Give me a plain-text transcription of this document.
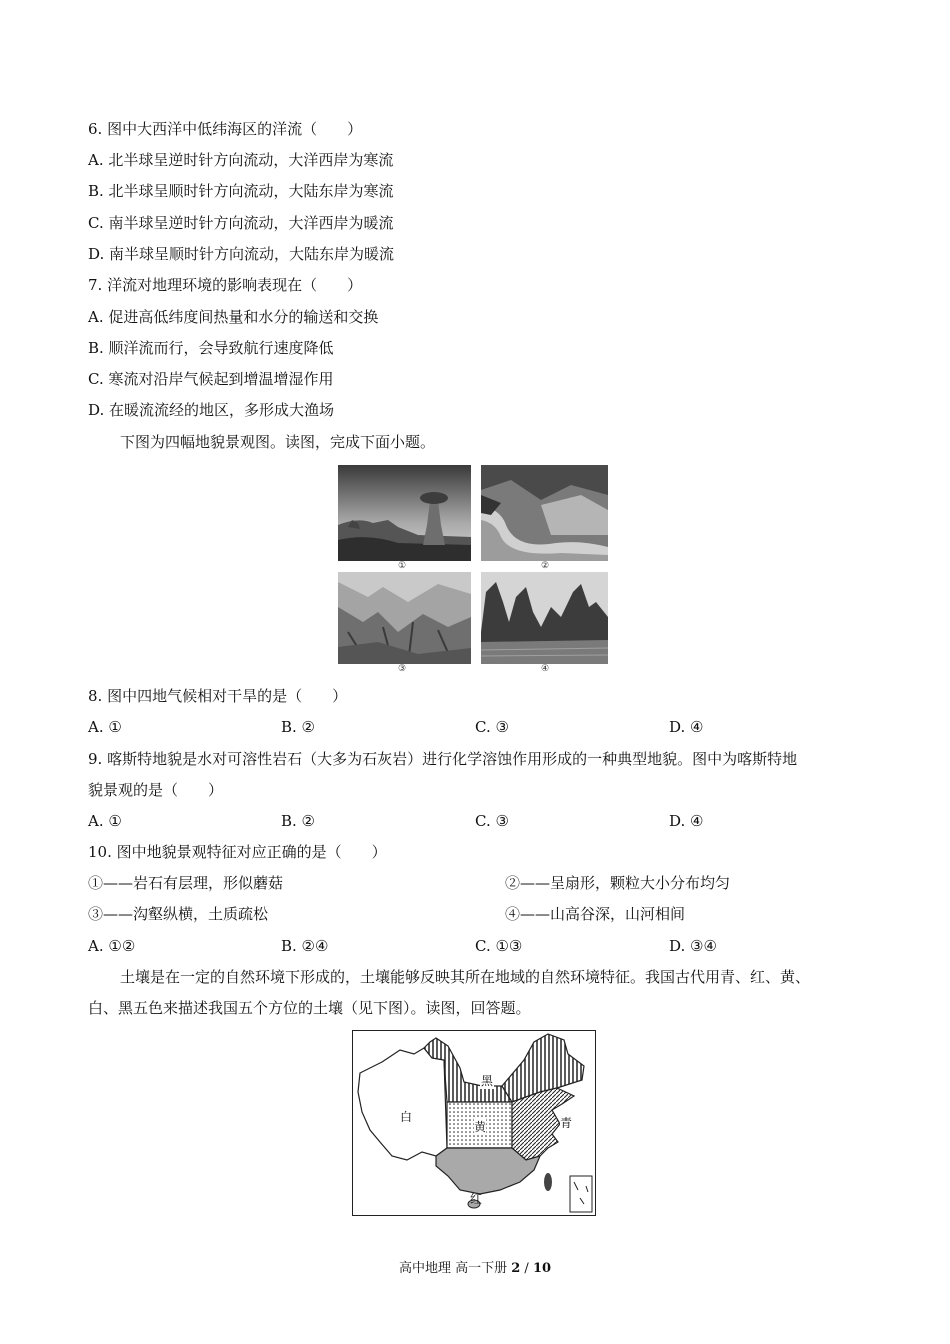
6. 图中大西洋中低纬海区的洋流（　　）
A. 北半球呈逆时针方向流动，大洋西岸为寒流
B. 北半球呈顺时针方向流动，大陆东岸为寒流
C. 南半球呈逆时针方向流动，大洋西岸为暖流
D. 南半球呈顺时针方向流动，大陆东岸为暖流
7. 洋流对地理环境的影响表现在（　　）
A. 促进高低纬度间热量和水分的输送和交换
B. 顺洋流而行，会导致航行速度降低
C. 寒流对沿岸气候起到增温增湿作用
D. 在暖流流经的地区，多形成大渔场
下图为四幅地貌景观图。读图，完成下面小题。
①	②
③	④
8. 图中四地气候相对干旱的是（　　）
A. ①	B. ②	C. ③	D. ④
9. 喀斯特地貌是水对可溶性岩石（大多为石灰岩）进行化学溶蚀作用形成的一种典型地貌。图中为喀斯特地
貌景观的是（　　）
A. ①	B. ②	C. ③	D. ④
10. 图中地貌景观特征对应正确的是（　　）
①——岩石有层理，形似蘑菇	②——呈扇形，颗粒大小分布均匀
③——沟壑纵横，土质疏松	④——山高谷深，山河相间
A. ①②	B. ②④	C. ①③	D. ③④
土壤是在一定的自然环境下形成的，土壤能够反映其所在地域的自然环境特征。我国古代用青、红、黄、
白、黑五色来描述我国五个方位的土壤（见下图）。读图，回答题。
白
黑
黄	青
红
高中地理 高一下册 2 / 10
